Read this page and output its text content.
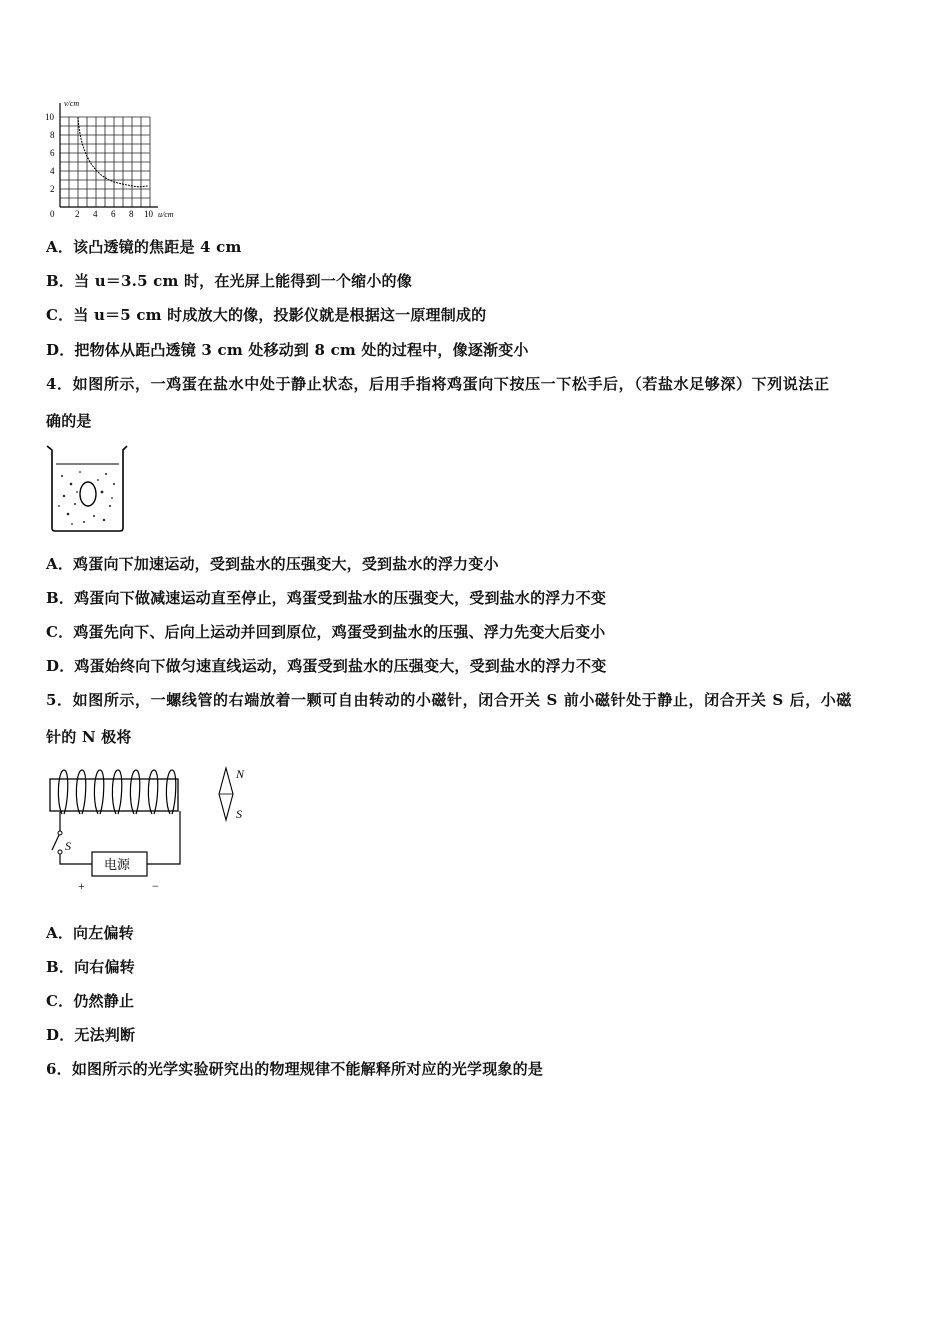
v/cm
u/cm
0
2
4
6
8
10
2 4 6 8 10
A．该凸透镜的焦距是 4 cm
B．当 u＝3.5 cm 时，在光屏上能得到一个缩小的像
C．当 u＝5 cm 时成放大的像，投影仪就是根据这一原理制成的
D．把物体从距凸透镜 3 cm 处移动到 8 cm 处的过程中，像逐渐变小
4．如图所示，一鸡蛋在盐水中处于静止状态，后用手指将鸡蛋向下按压一下松手后，（若盐水足够深）下列说法正
确的是
A．鸡蛋向下加速运动，受到盐水的压强变大，受到盐水的浮力变小
B．鸡蛋向下做减速运动直至停止，鸡蛋受到盐水的压强变大，受到盐水的浮力不变
C．鸡蛋先向下、后向上运动并回到原位，鸡蛋受到盐水的压强、浮力先变大后变小
D．鸡蛋始终向下做匀速直线运动，鸡蛋受到盐水的压强变大，受到盐水的浮力不变
5．如图所示，一螺线管的右端放着一颗可自由转动的小磁针，闭合开关 S 前小磁针处于静止，闭合开关 S 后，小磁
针的 N 极将
S
电源
+	−
N
S
A．向左偏转
B．向右偏转
C．仍然静止
D．无法判断
6．如图所示的光学实验研究出的物理规律不能解释所对应的光学现象的是
